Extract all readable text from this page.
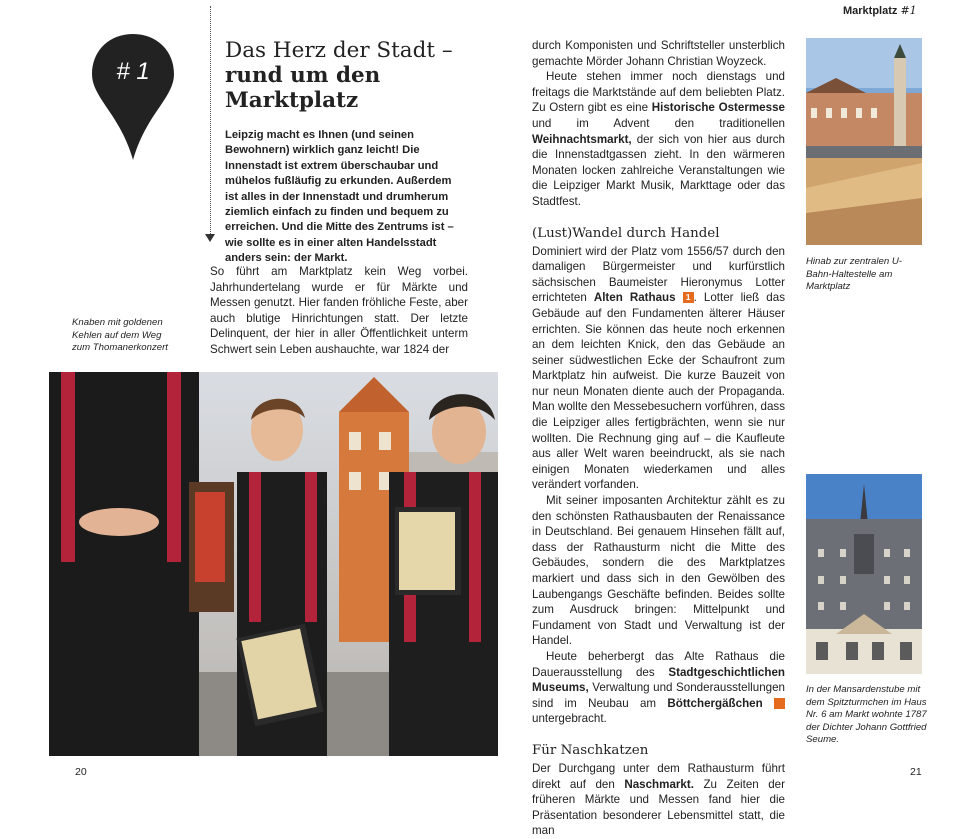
Marktplatz #1
# 1
Das Herz der Stadt –
rund um den
Marktplatz
Leipzig macht es Ihnen (und seinen Bewohnern) wirklich ganz leicht! Die Innenstadt ist extrem überschaubar und mühelos fußläufig zu erkunden. Außerdem ist alles in der Innenstadt und drumherum ziemlich einfach zu finden und bequem zu erreichen. Und die Mitte des Zentrums ist – wie sollte es in einer alten Handelsstadt anders sein: der Markt.
So führt am Marktplatz kein Weg vorbei. Jahrhundertelang wurde er für Märkte und Messen genutzt. Hier fanden fröhliche Feste, aber auch blutige Hinrichtungen statt. Der letzte Delinquent, der hier in aller Öffentlichkeit unterm Schwert sein Leben aushauchte, war 1824 der
Knaben mit goldenen Kehlen auf dem Weg zum Thomanerkonzert

durch Komponisten und Schriftsteller unsterblich gemachte Mörder Johann Christian Woyzeck.

Heute stehen immer noch dienstags und freitags die Marktstände auf dem beliebten Platz. Zu Ostern gibt es eine Historische Ostermesse und im Advent den traditionellen Weihnachtsmarkt, der sich von hier aus durch die Innenstadtgassen zieht. In den wärmeren Monaten locken zahlreiche Veranstaltungen wie die Leipziger Markt Musik, Markttage oder das Stadtfest.

(Lust)Wandel durch Handel

Dominiert wird der Platz vom 1556/57 durch den damaligen Bürgermeister und kurfürstlich sächsischen Baumeister Hieronymus Lotter errichteten Alten Rathaus 1 . Lotter ließ das Gebäude auf den Fundamenten älterer Häuser errichten. Sie können das heute noch erkennen an dem leichten Knick, den das Gebäude an seiner südwestlichen Ecke der Schaufront zum Marktplatz hin aufweist. Die kurze Bauzeit von nur neun Monaten diente auch der Propaganda. Man wollte den Messebesuchern vorführen, dass die Leipziger alles fertigbrächten, wenn sie nur wollten. Die Rechnung ging auf – die Kaufleute aus aller Welt waren beeindruckt, als sie nach einigen Monaten wiederkamen und alles verändert vorfanden.

Mit seiner imposanten Architektur zählt es zu den schönsten Rathausbauten der Renaissance in Deutschland. Bei genauem Hinsehen fällt auf, dass der Rathausturm nicht die Mitte des Gebäudes, sondern die des Marktplatzes markiert und dass sich in den Gewölben des Laubengangs Geschäfte befinden. Beides sollte zum Ausdruck bringen: Mittelpunkt und Fundament von Stadt und Verwaltung ist der Handel.

Heute beherbergt das Alte Rathaus die Dauerausstellung des Stadtgeschichtlichen Museums, Verwaltung und Sonderausstellungen sind im Neubau am Böttchergäßchen	2 untergebracht.

Für Naschkatzen

Der Durchgang unter dem Rathausturm führt direkt auf den Naschmarkt. Zu Zeiten der früheren Märkte und Messen fand hier die Präsentation besonderer Lebensmittel statt, die man

Hinab zur zentralen U-Bahn-Haltestelle am Marktplatz
In der Mansardenstube mit dem Spitzturmchen im Haus Nr. 6 am Markt wohnte 1787 der Dichter Johann Gottfried Seume.
20	21
